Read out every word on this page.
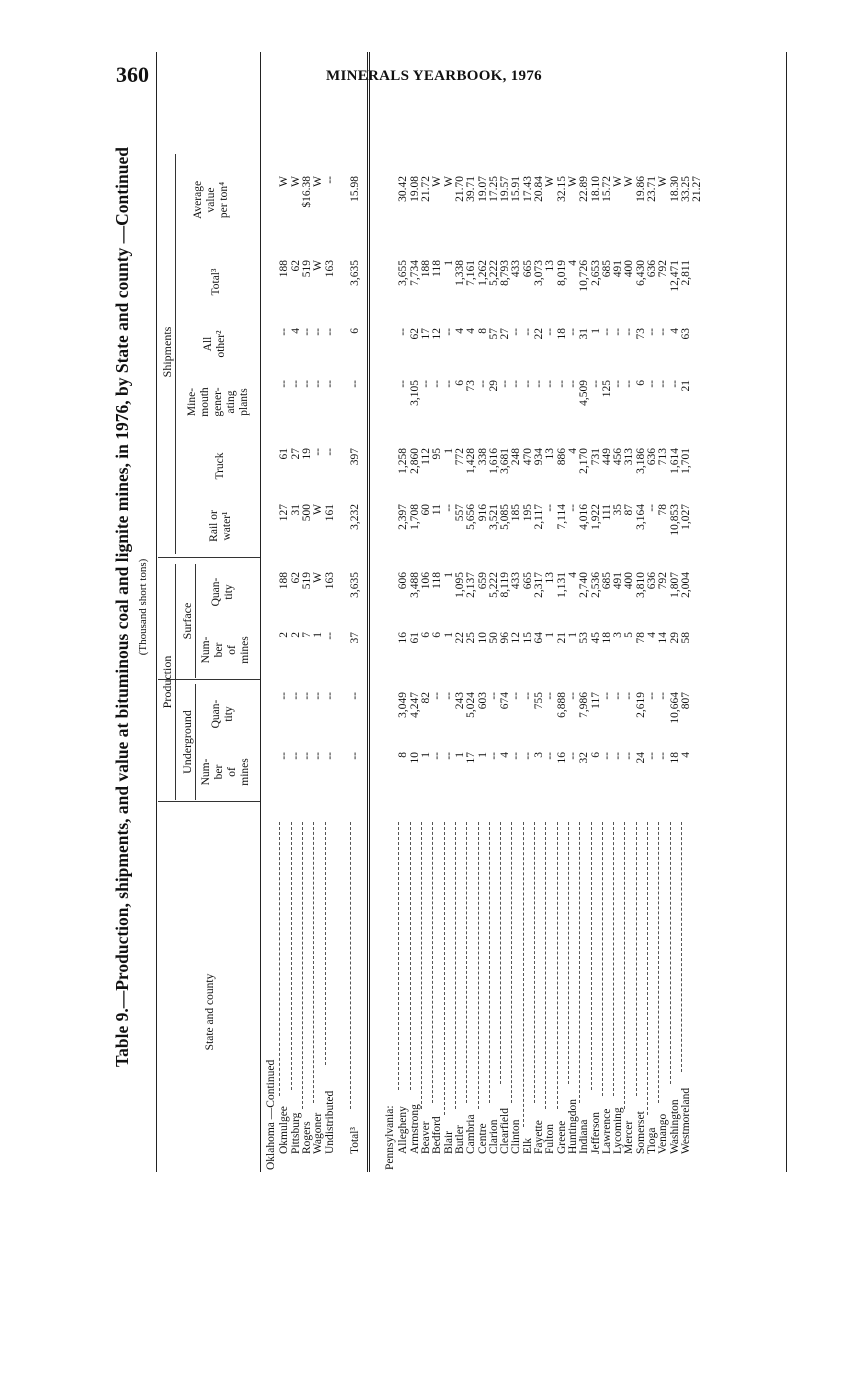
360	MINERALS YEARBOOK, 1976
Table 9.—Production, shipments, and value at bituminous coal and lignite mines, in 1976, by State and county —Continued (Thousand short tons)
Production
Shipments
Underground
Surface
State and county
Num-
ber
of
mines
Quan-
tity
Num-
ber
of
mines
Quan-
tity
Rail or
water¹
Truck
Mine-
mouth
gener-
ating
plants
All
other²
Total³
Average
value
per ton⁴
Oklahoma —Continued Okmulgee
--
--
2
188
127
61
--
--
188
W
Pittsburg
--
--
2
62
31
27
--
4
62
W
Rogers
--
--
7
519
500
19
--
--
519
$16.38
Wagoner
--
--
1
W
W
--
--
--
W
W
Undistributed
--
--
--
163
161
--
--
--
163
--
Total³
--
--
37
3,635
3,232
397
--
6
3,635
15.98
Pennsylvania: Allegheny
8
3,049
16
606
2,397
1,258
--
--
3,655
30.42
Armstrong
10
4,247
61
3,488
1,708
2,860
3,105
62
7,734
19.08
Beaver
1
82
6
106
60
112
--
17
188
21.72
Bedford
--
--
6
118
11
95
--
12
118
W
Blair
--
--
1
1
--
1
--
--
1
W
Butler
1
243
22
1,095
557
772
6
4
1,338
21.70
Cambria
17
5,024
25
2,137
5,656
1,428
73
4
7,161
39.71
Centre
1
603
10
659
916
338
--
8
1,262
19.07
Clarion
--
--
50
5,222
3,521
1,616
29
57
5,222
17.25
Clearfield
4
674
96
8,119
5,085
3,681
--
27
8,793
19.57
Clinton
--
--
12
433
185
248
--
--
433
15.91
Elk
--
--
15
665
195
470
--
--
665
17.43
Fayette
3
755
64
2,317
2,117
934
--
22
3,073
20.84
Fulton
--
--
1
13
--
13
--
--
13
W
Greene
16
6,888
21
1,131
7,114
886
--
18
8,019
32.15
Huntingdon
--
--
1
4
--
4
--
--
4
W
Indiana
32
7,986
53
2,740
4,016
2,170
4,509
31
10,726
22.89
Jefferson
6
117
45
2,536
1,922
731
--
1
2,653
18.10
Lawrence
--
--
18
685
111
449
125
--
685
15.72
Lycoming
--
--
3
491
35
456
--
--
491
W
Mercer
--
--
5
400
87
313
--
--
400
W
Somerset
24
2,619
78
3,810
3,164
3,186
6
73
6,430
19.86
Tioga
--
--
4
636
--
636
--
--
636
23.71
Venango
--
--
14
792
78
713
--
--
792
W
Washington
18
10,664
29
1,807
10,853
1,614
--
4
12,471
18.30
Westmoreland
4
807
58
2,004
1,027
1,701
21
63
2,811
33.25 21.27
